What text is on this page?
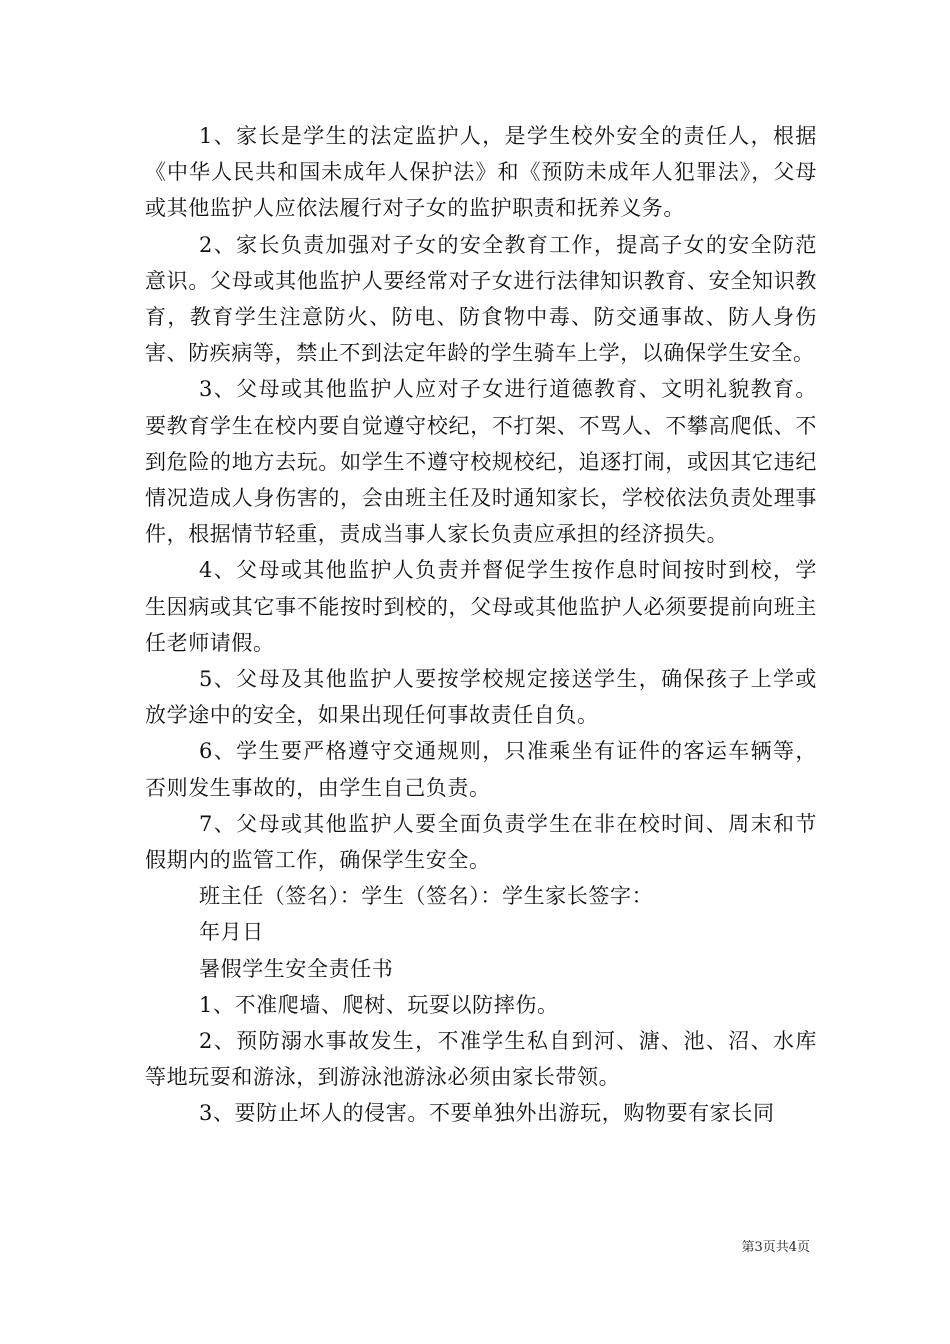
1、家长是学生的法定监护人，是学生校外安全的责任人，根据《中华人民共和国未成年人保护法》和《预防未成年人犯罪法》，父母或其他监护人应依法履行对子女的监护职责和抚养义务。

2、家长负责加强对子女的安全教育工作，提高子女的安全防范意识。父母或其他监护人要经常对子女进行法律知识教育、安全知识教育，教育学生注意防火、防电、防食物中毒、防交通事故、防人身伤害、防疾病等，禁止不到法定年龄的学生骑车上学，以确保学生安全。

3、父母或其他监护人应对子女进行道德教育、文明礼貌教育。要教育学生在校内要自觉遵守校纪，不打架、不骂人、不攀高爬低、不到危险的地方去玩。如学生不遵守校规校纪，追逐打闹，或因其它违纪情况造成人身伤害的，会由班主任及时通知家长，学校依法负责处理事件，根据情节轻重，责成当事人家长负责应承担的经济损失。

4、父母或其他监护人负责并督促学生按作息时间按时到校，学生因病或其它事不能按时到校的，父母或其他监护人必须要提前向班主任老师请假。

5、父母及其他监护人要按学校规定接送学生，确保孩子上学或放学途中的安全，如果出现任何事故责任自负。

6、学生要严格遵守交通规则，只准乘坐有证件的客运车辆等，否则发生事故的，由学生自己负责。

7、父母或其他监护人要全面负责学生在非在校时间、周末和节假期内的监管工作，确保学生安全。

班主任（签名）：学生（签名）：学生家长签字：

年月日

暑假学生安全责任书

1、不准爬墙、爬树、玩耍以防摔伤。

2、预防溺水事故发生，不准学生私自到河、溏、池、沼、水库等地玩耍和游泳，到游泳池游泳必须由家长带领。

3、要防止坏人的侵害。不要单独外出游玩，购物要有家长同

第3页共4页
